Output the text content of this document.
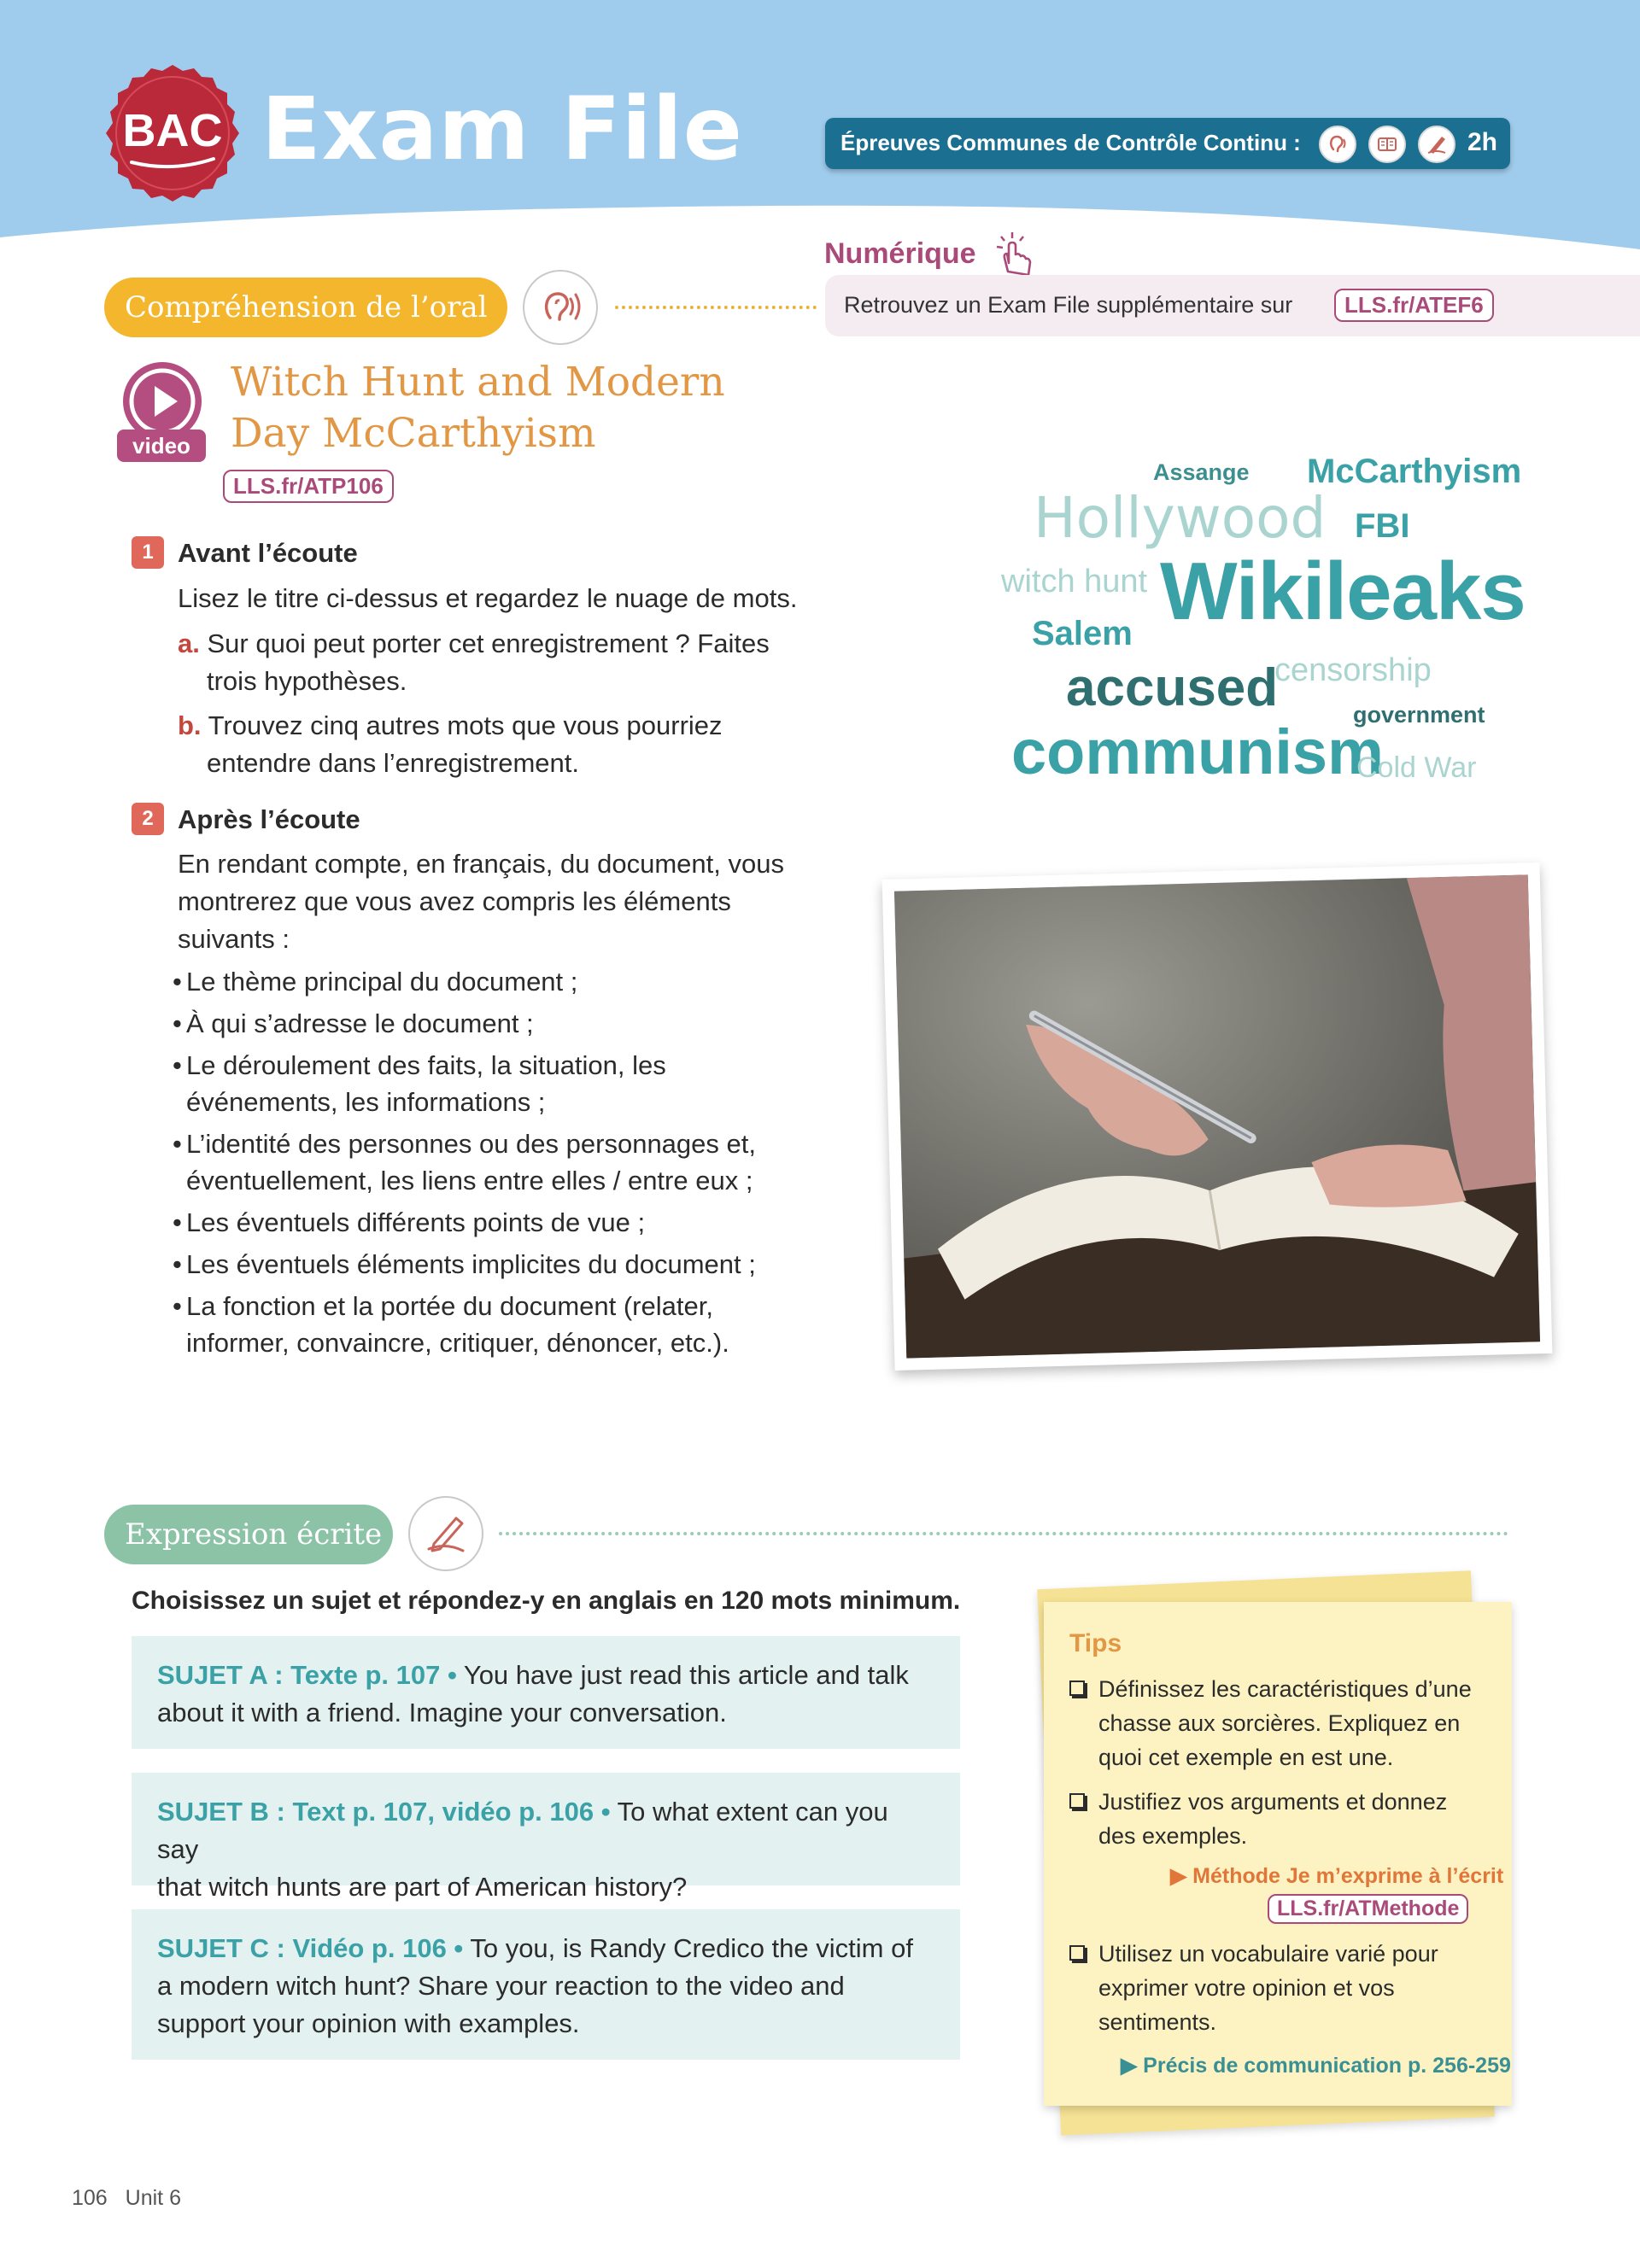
BAC Exam File	Épreuves Communes de Contrôle Continu :	2h
Numérique
Retrouvez un Exam File supplémentaire sur	LLS.fr/ATEF6
Compréhension de l’oral
video
Witch Hunt and Modern
Day McCarthyism
LLS.fr/ATP106
1 Avant l’écoute
Lisez le titre ci-dessus et regardez le nuage de mots.
a. Sur quoi peut porter cet enregistrement ? Faites
trois hypothèses.
b. Trouvez cinq autres mots que vous pourriez
entendre dans l’enregistrement.
2 Après l’écoute
En rendant compte, en français, du document, vous
montrerez que vous avez compris les éléments
suivants :
• Le thème principal du document ;
• À qui s’adresse le document ;
• Le déroulement des faits, la situation, les
événements, les informations ;
• L’identité des personnes ou des personnages et,
éventuellement, les liens entre elles / entre eux ;
• Les éventuels différents points de vue ;
• Les éventuels éléments implicites du document ;
• La fonction et la portée du document (relater,
informer, convaincre, critiquer, dénoncer, etc.).
Assange McCarthyism
Hollywood FBI
witch hunt Wikileaks
Salem
accused
censorship
government
communism
Cold War
Expression écrite
Choisissez un sujet et répondez-y en anglais en 120 mots minimum.
SUJET A : Texte p. 107 • You have just read this article and talk
about it with a friend. Imagine your conversation.
SUJET B : Text p. 107, vidéo p. 106 • To what extent can you say
that witch hunts are part of American history?
SUJET C : Vidéo p. 106 • To you, is Randy Credico the victim of
a modern witch hunt? Share your reaction to the video and
support your opinion with examples.
Tips
Définissez les caractéristiques d’une
chasse aux sorcières. Expliquez en
quoi cet exemple en est une.
Justifiez vos arguments et donnez
des exemples.
▶ Méthode Je m’exprime à l’écrit
LLS.fr/ATMethode
Utilisez un vocabulaire varié pour
exprimer votre opinion et vos
sentiments.
▶ Précis de communication p. 256-259
106 Unit 6
